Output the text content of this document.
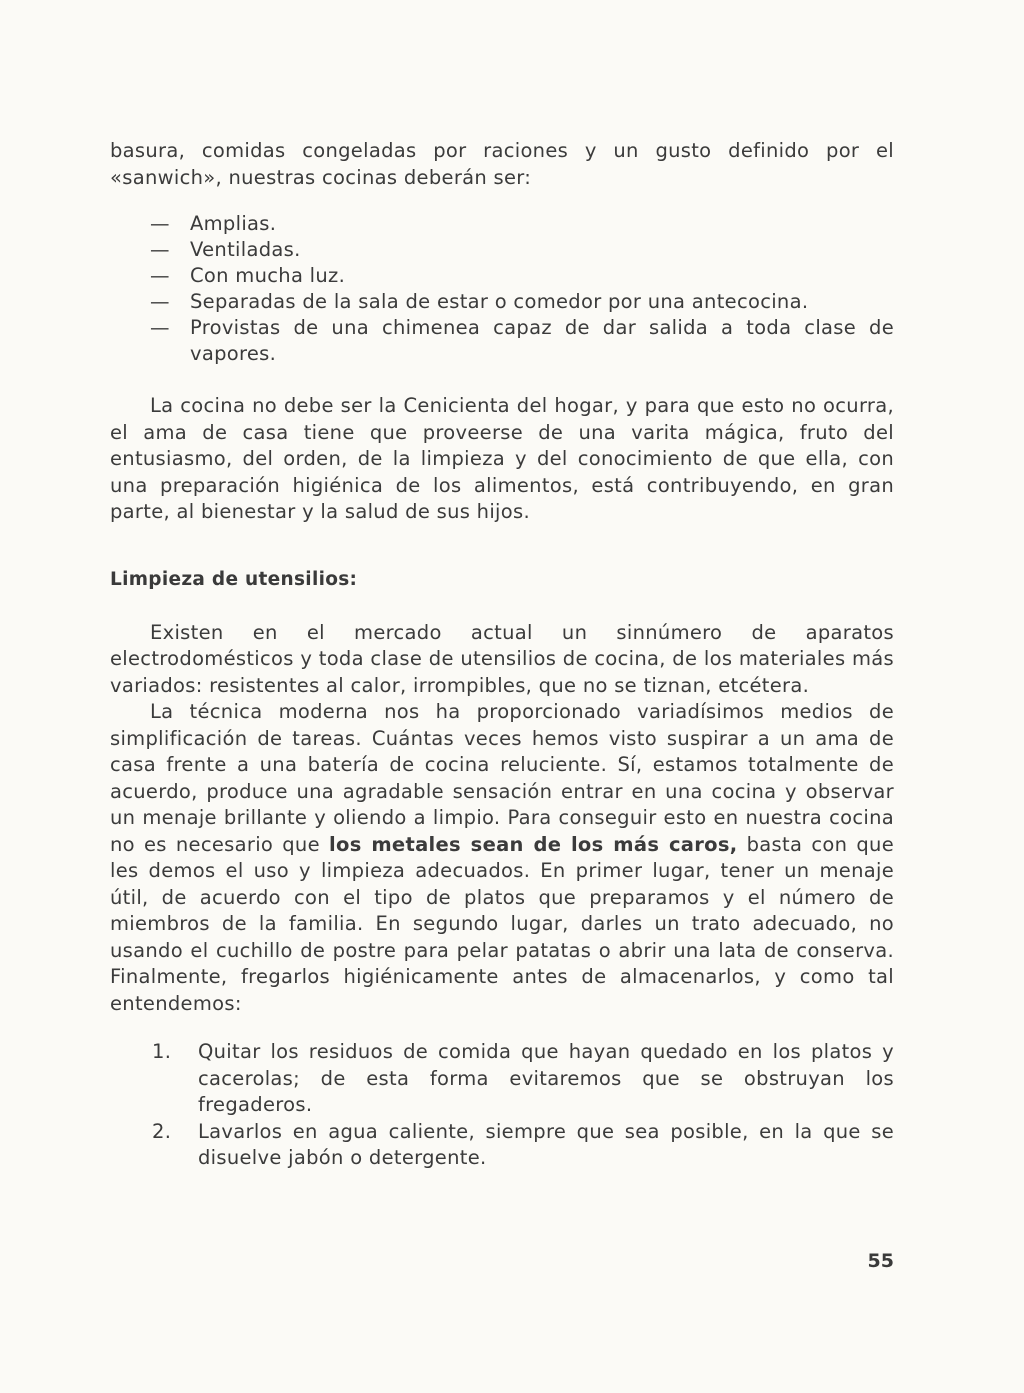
basura, comidas congeladas por raciones y un gusto definido por el «sanwich», nuestras cocinas deberán ser:

— Amplias.
— Ventiladas.
— Con mucha luz.
— Separadas de la sala de estar o comedor por una antecocina.
— Provistas de una chimenea capaz de dar salida a toda clase de vapores.

La cocina no debe ser la Cenicienta del hogar, y para que esto no ocurra, el ama de casa tiene que proveerse de una varita mágica, fruto del entusiasmo, del orden, de la limpieza y del conocimiento de que ella, con una preparación higiénica de los alimentos, está contribuyendo, en gran parte, al bienestar y la salud de sus hijos.

Limpieza de utensilios:

Existen en el mercado actual un sinnúmero de aparatos electrodomésticos y toda clase de utensilios de cocina, de los materiales más variados: resistentes al calor, irrompibles, que no se tiznan, etcétera.

La técnica moderna nos ha proporcionado variadísimos medios de simplificación de tareas. Cuántas veces hemos visto suspirar a un ama de casa frente a una batería de cocina reluciente. Sí, estamos totalmente de acuerdo, produce una agradable sensación entrar en una cocina y observar un menaje brillante y oliendo a limpio. Para conseguir esto en nuestra cocina no es necesario que los metales sean de los más caros, basta con que les demos el uso y limpieza adecuados. En primer lugar, tener un menaje útil, de acuerdo con el tipo de platos que preparamos y el número de miembros de la familia. En segundo lugar, darles un trato adecuado, no usando el cuchillo de postre para pelar patatas o abrir una lata de conserva. Finalmente, fregarlos higiénicamente antes de almacenarlos, y como tal entendemos:

1. Quitar los residuos de comida que hayan quedado en los platos y cacerolas; de esta forma evitaremos que se obstruyan los fregaderos.
2. Lavarlos en agua caliente, siempre que sea posible, en la que se disuelve jabón o detergente.
55
